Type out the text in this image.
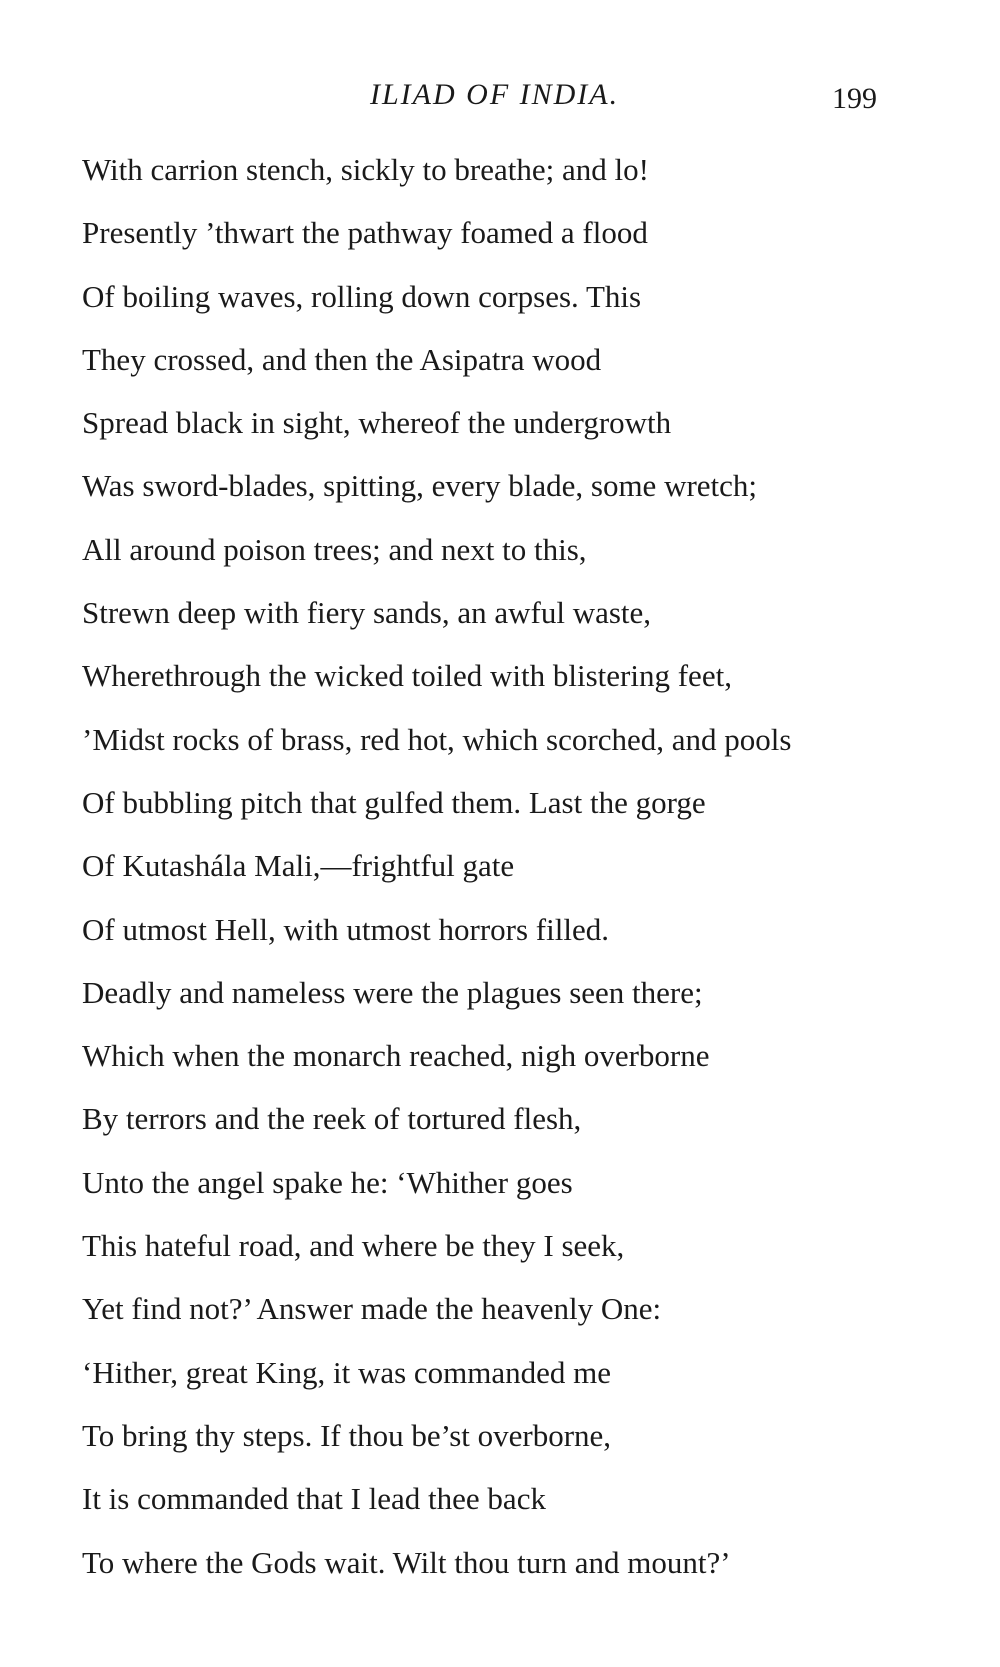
ILIAD OF INDIA.	199
With carrion stench, sickly to breathe; and lo!
Presently ’thwart the pathway foamed a flood
Of boiling waves, rolling down corpses. This
They crossed, and then the Asipatra wood
Spread black in sight, whereof the undergrowth
Was sword-blades, spitting, every blade, some wretch;
All around poison trees; and next to this,
Strewn deep with fiery sands, an awful waste,
Wherethrough the wicked toiled with blistering feet,
’Midst rocks of brass, red hot, which scorched, and pools
Of bubbling pitch that gulfed them. Last the gorge
Of Kutashála Mali,—frightful gate
Of utmost Hell, with utmost horrors filled.
Deadly and nameless were the plagues seen there;
Which when the monarch reached, nigh overborne
By terrors and the reek of tortured flesh,
Unto the angel spake he: ‘Whither goes
This hateful road, and where be they I seek,
Yet find not?’ Answer made the heavenly One:
‘Hither, great King, it was commanded me
To bring thy steps. If thou be’st overborne,
It is commanded that I lead thee back
To where the Gods wait. Wilt thou turn and mount?’
